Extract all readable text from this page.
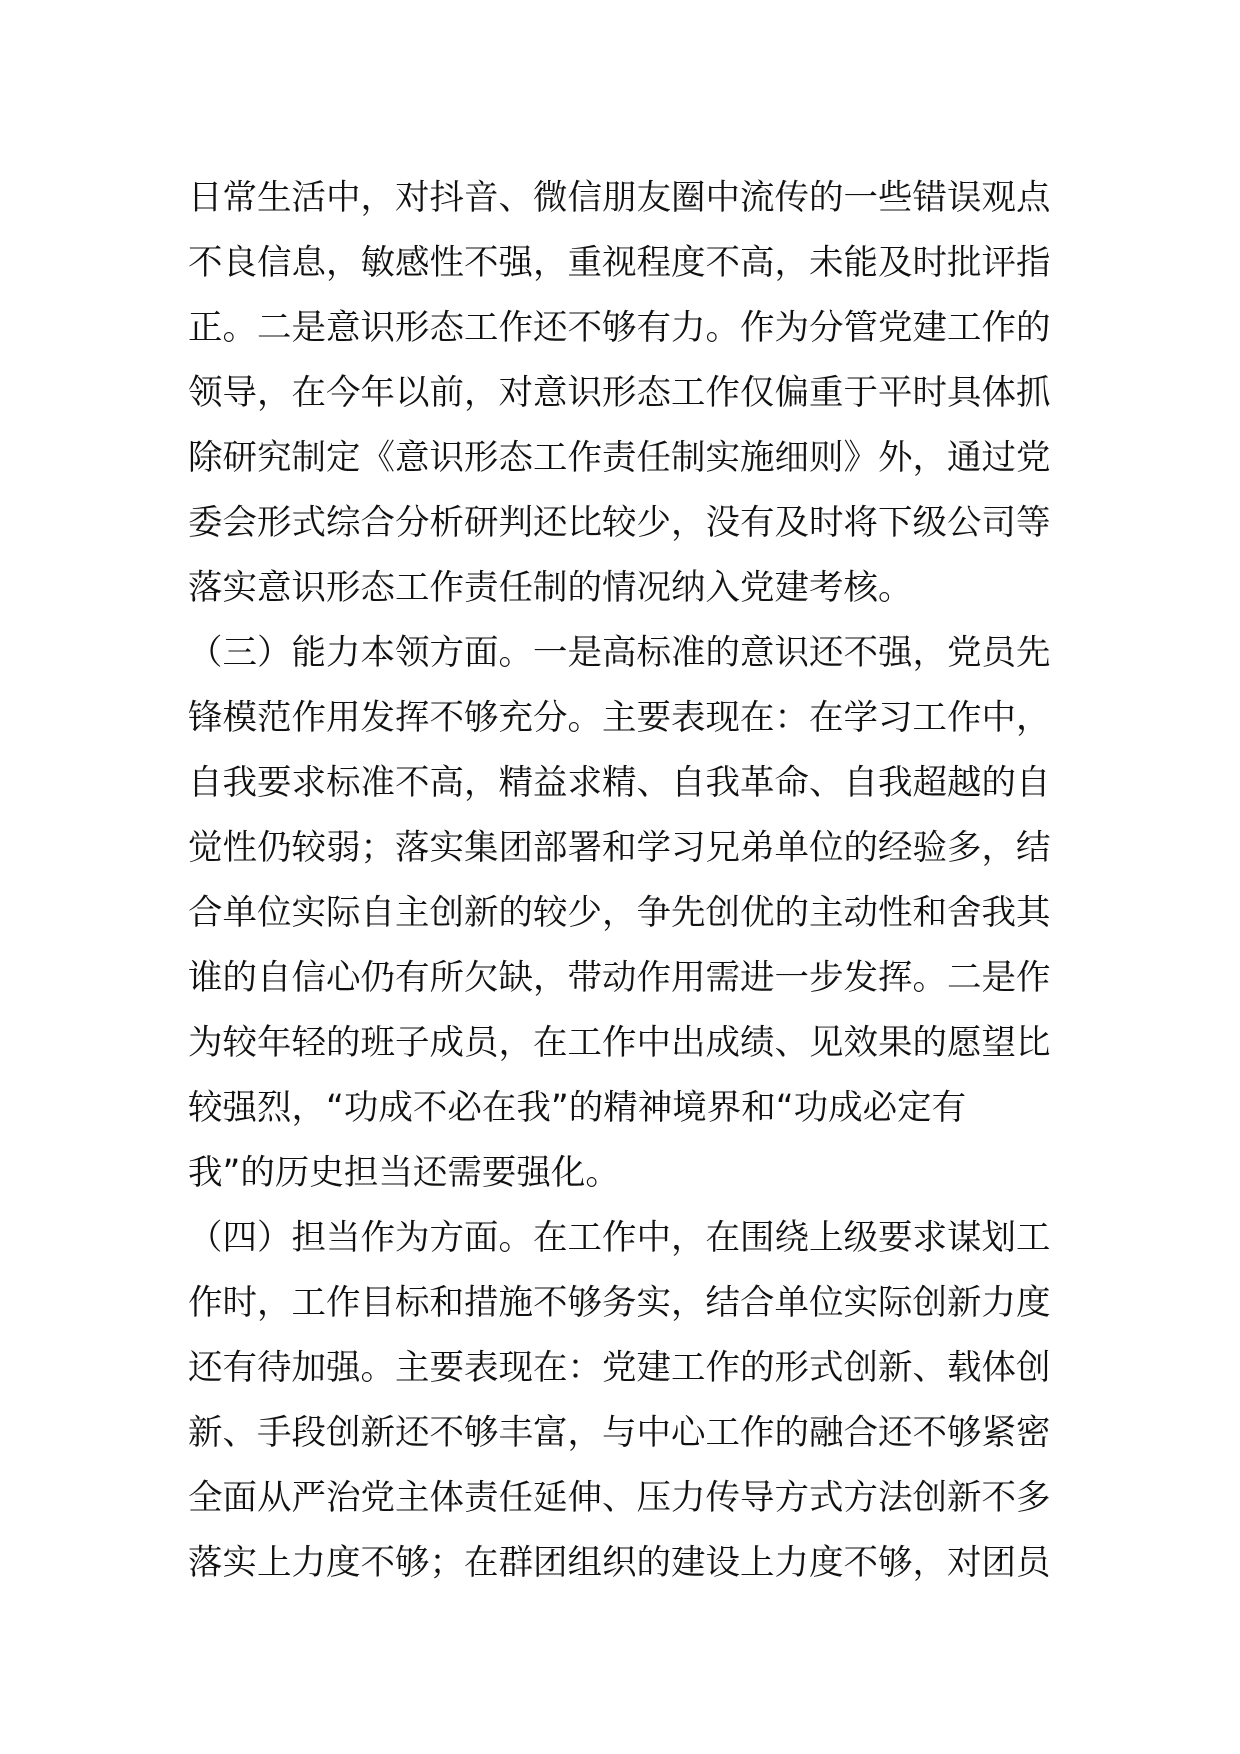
日常生活中，对抖音、微信朋友圈中流传的一些错误观点
不良信息，敏感性不强，重视程度不高，未能及时批评指
正。二是意识形态工作还不够有力。作为分管党建工作的
领导，在今年以前，对意识形态工作仅偏重于平时具体抓
除研究制定《意识形态工作责任制实施细则》外，通过党
委会形式综合分析研判还比较少，没有及时将下级公司等
落实意识形态工作责任制的情况纳入党建考核。
（三）能力本领方面。一是高标准的意识还不强，党员先
锋模范作用发挥不够充分。主要表现在：在学习工作中，
自我要求标准不高，精益求精、自我革命、自我超越的自
觉性仍较弱；落实集团部署和学习兄弟单位的经验多，结
合单位实际自主创新的较少，争先创优的主动性和舍我其
谁的自信心仍有所欠缺，带动作用需进一步发挥。二是作
为较年轻的班子成员，在工作中出成绩、见效果的愿望比
较强烈，“功成不必在我”的精神境界和“功成必定有
我”的历史担当还需要强化。
（四）担当作为方面。在工作中，在围绕上级要求谋划工
作时，工作目标和措施不够务实，结合单位实际创新力度
还有待加强。主要表现在：党建工作的形式创新、载体创
新、手段创新还不够丰富，与中心工作的融合还不够紧密
全面从严治党主体责任延伸、压力传导方式方法创新不多
落实上力度不够；在群团组织的建设上力度不够，对团员
